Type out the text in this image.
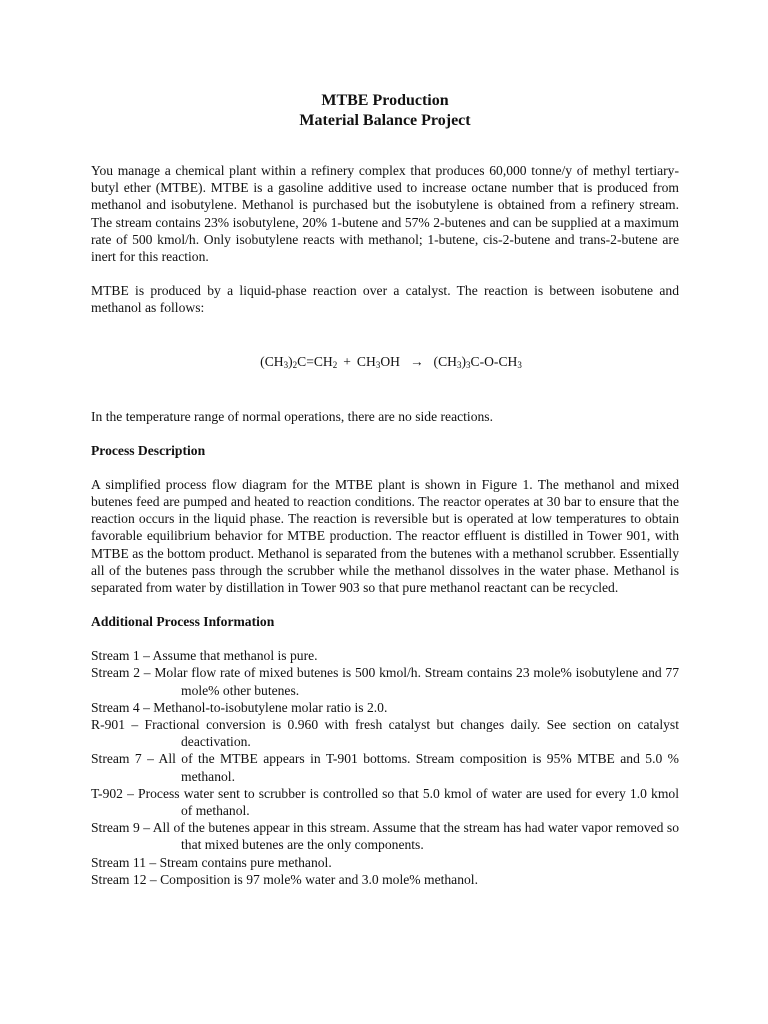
MTBE Production

Material Balance Project

You manage a chemical plant within a refinery complex that produces 60,000 tonne/y of methyl tertiary-butyl ether (MTBE). MTBE is a gasoline additive used to increase octane number that is produced from methanol and isobutylene. Methanol is purchased but the isobutylene is obtained from a refinery stream. The stream contains 23% isobutylene, 20% 1-butene and 57% 2-butenes and can be supplied at a maximum rate of 500 kmol/h. Only isobutylene reacts with methanol; 1-butene, cis-2-butene and trans-2-butene are inert for this reaction.

MTBE is produced by a liquid-phase reaction over a catalyst. The reaction is between isobutene and methanol as follows:

$(CH_3)_2C=CH_2 + CH_3OH \to (CH_3)_3C-O-CH_3$

In the temperature range of normal operations, there are no side reactions.

Process Description

A simplified process flow diagram for the MTBE plant is shown in Figure 1. The methanol and mixed butenes feed are pumped and heated to reaction conditions. The reactor operates at 30 bar to ensure that the reaction occurs in the liquid phase. The reaction is reversible but is operated at low temperatures to obtain favorable equilibrium behavior for MTBE production. The reactor effluent is distilled in Tower 901, with MTBE as the bottom product. Methanol is separated from the butenes with a methanol scrubber. Essentially all of the butenes pass through the scrubber while the methanol dissolves in the water phase. Methanol is separated from water by distillation in Tower 903 so that pure methanol reactant can be recycled.

Additional Process Information

Stream 1 – Assume that methanol is pure.

Stream 2 – Molar flow rate of mixed butenes is 500 kmol/h. Stream contains 23 mole% isobutylene and 77 mole% other butenes.

Stream 4 – Methanol-to-isobutylene molar ratio is 2.0.

R-901 – Fractional conversion is 0.960 with fresh catalyst but changes daily. See section on catalyst deactivation.

Stream 7 – All of the MTBE appears in T-901 bottoms. Stream composition is 95% MTBE and 5.0 % methanol.

T-902 – Process water sent to scrubber is controlled so that 5.0 kmol of water are used for every 1.0 kmol of methanol.

Stream 9 – All of the butenes appear in this stream. Assume that the stream has had water vapor removed so that mixed butenes are the only components.

Stream 11 – Stream contains pure methanol.

Stream 12 – Composition is 97 mole% water and 3.0 mole% methanol.
